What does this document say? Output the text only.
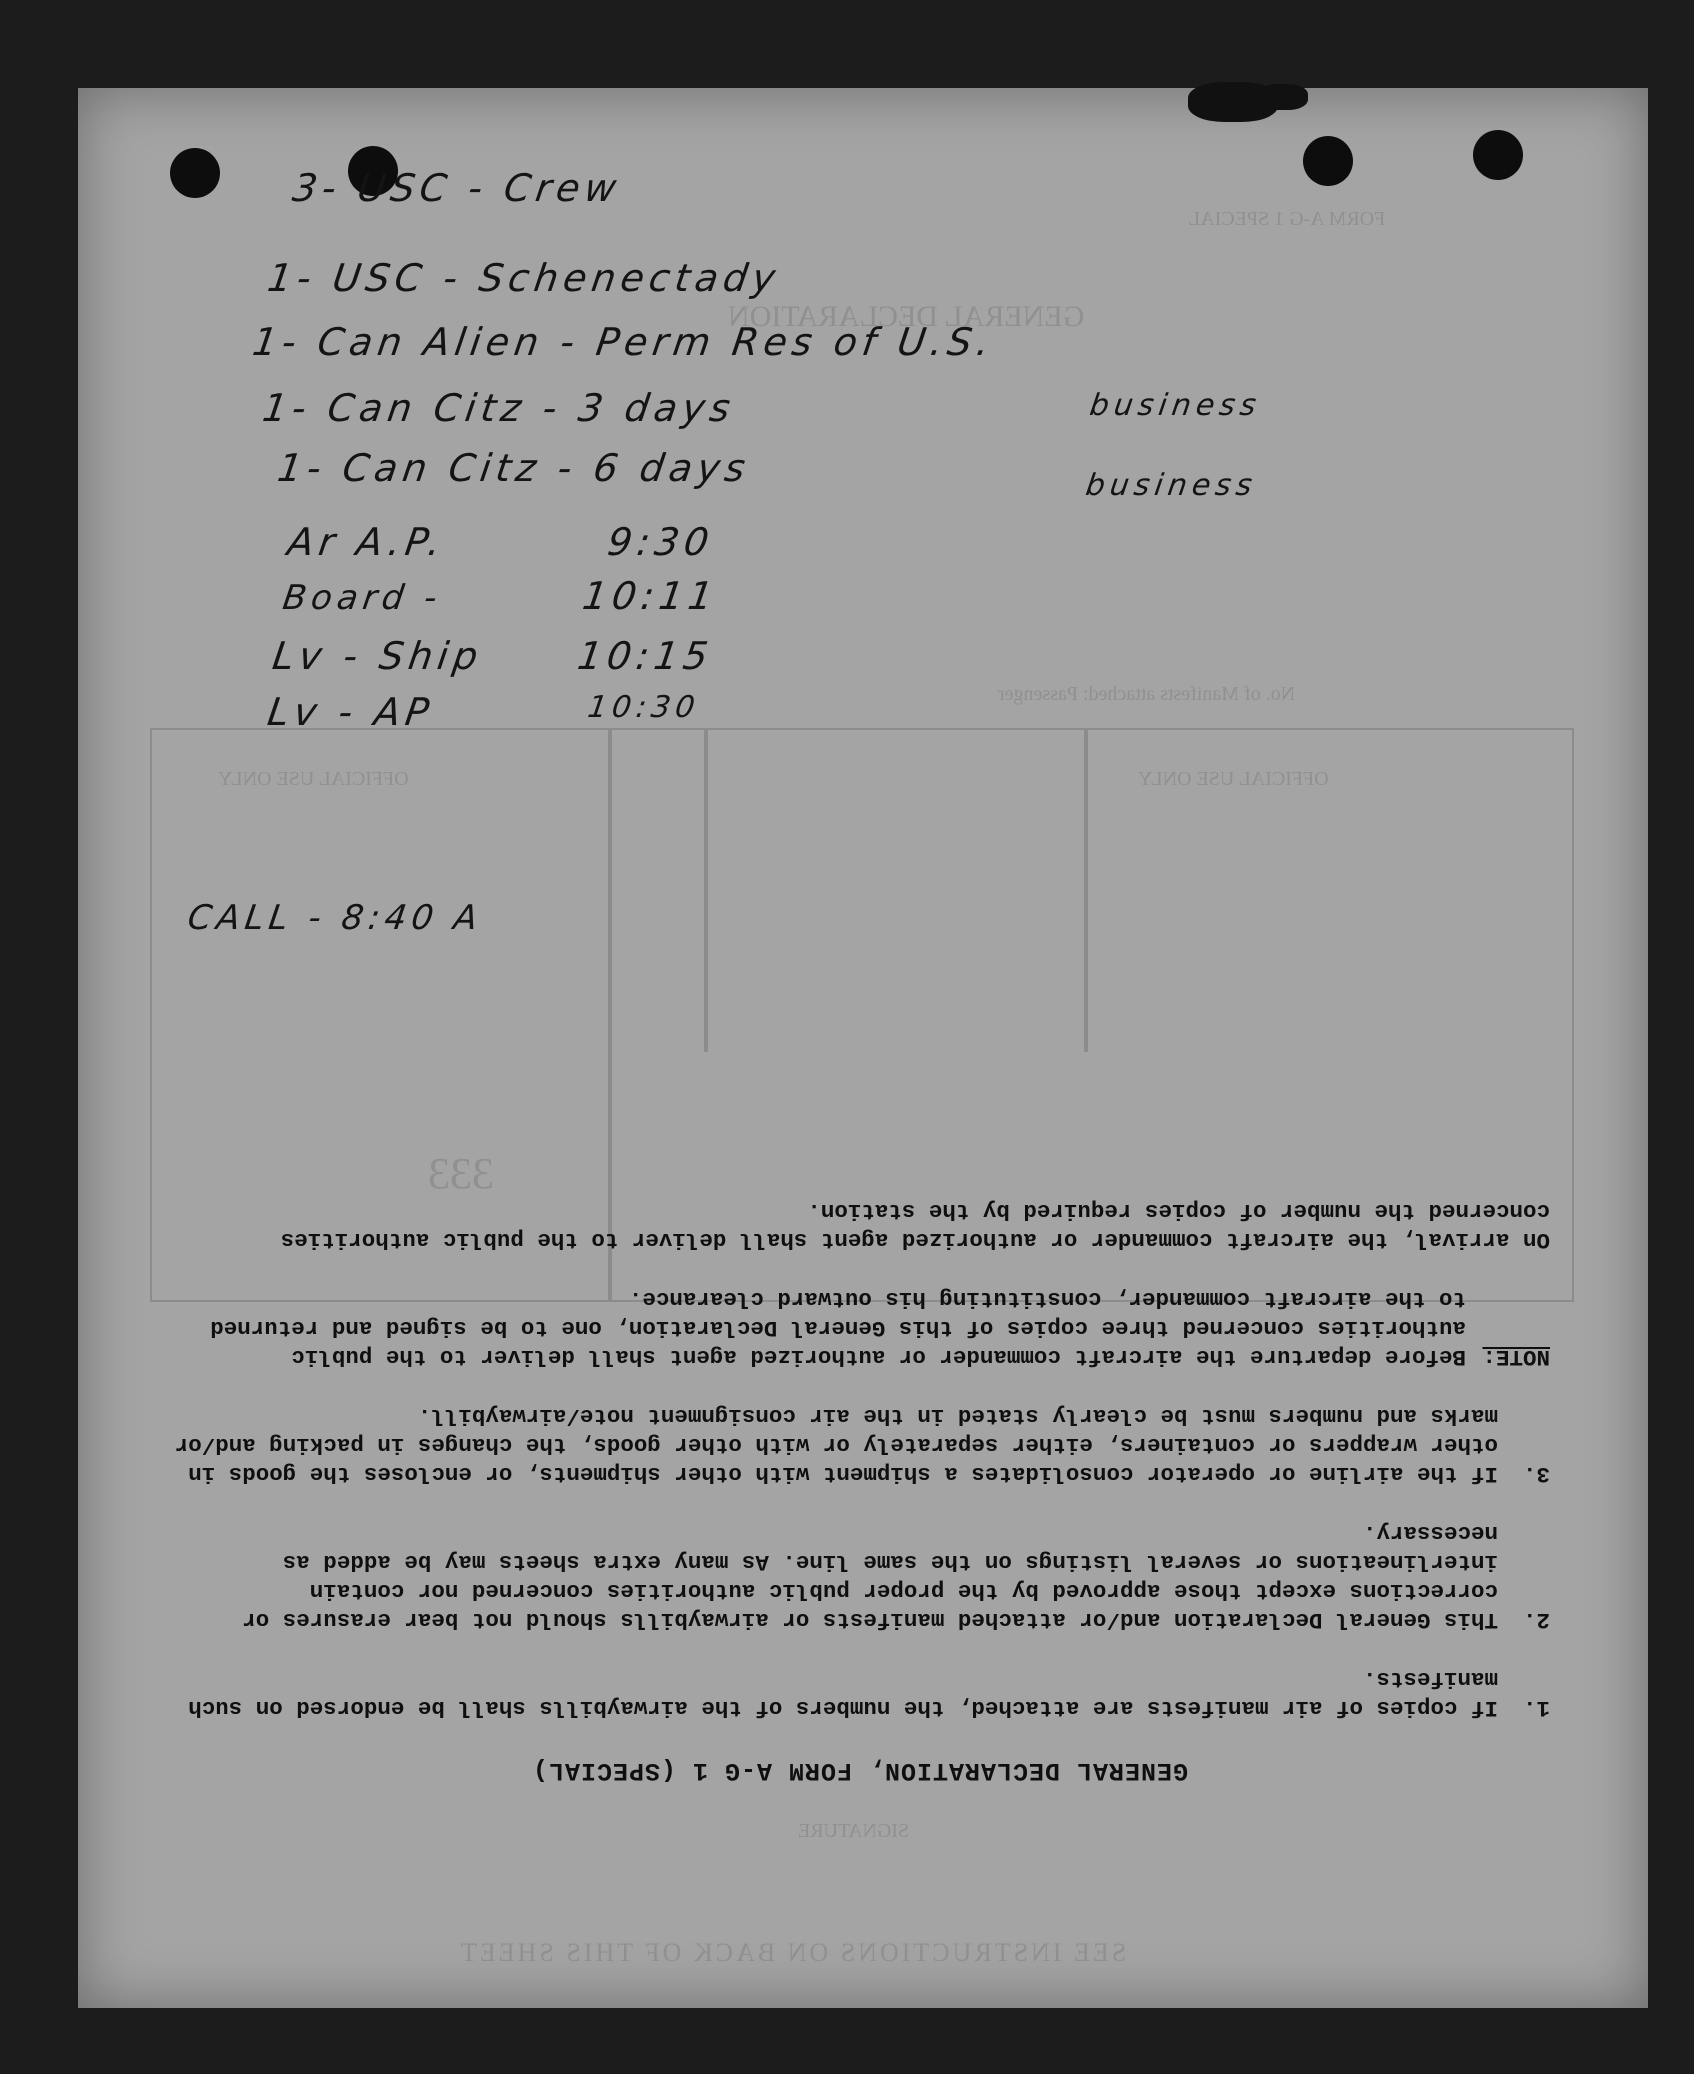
FORM A-G 1 SPECIAL
GENERAL DECLARATION
No. of Manifests attached: Passenger
OFFICIAL USE ONLY
OFFICIAL USE ONLY
333
SIGNATURE
SEE INSTRUCTIONS ON BACK OF THIS SHEET
3- USC - Crew
1- USC - Schenectady
1- Can Alien - Perm Res of U.S.
1- Can Citz - 3 days	business
1- Can Citz - 6 days	business
Ar A.P.	9:30
Board -	10:11
Lv - Ship 10:15
Lv - AP	10:30
CALL - 8:40 A
GENERAL DECLARATION, FORM A-G 1 (SPECIAL)
1.
If copies of air manifests are attached, the numbers of the airwaybills shall be endorsed on such manifests.
2.
This General Declaration and/or attached manifests or airwaybills should not bear erasures or corrections except those approved by the proper public authorities concerned nor contain interlineations or several listings on the same line. As many extra sheets may be added as necessary.
3.
If the airline or operator consolidates a shipment with other shipments, or encloses the goods in other wrappers or containers, either separately or with other goods, the changes in packing and/or marks and numbers must be clearly stated in the air consignment note/airwaybill.
NOTE:
Before departure the aircraft commander or authorized agent shall deliver to the public authorities concerned three copies of this General Declaration, one to be signed and returned to the aircraft commander, constituting his outward clearance.
On arrival, the aircraft commander or authorized agent shall deliver to the public authorities concerned the number of copies required by the station.
